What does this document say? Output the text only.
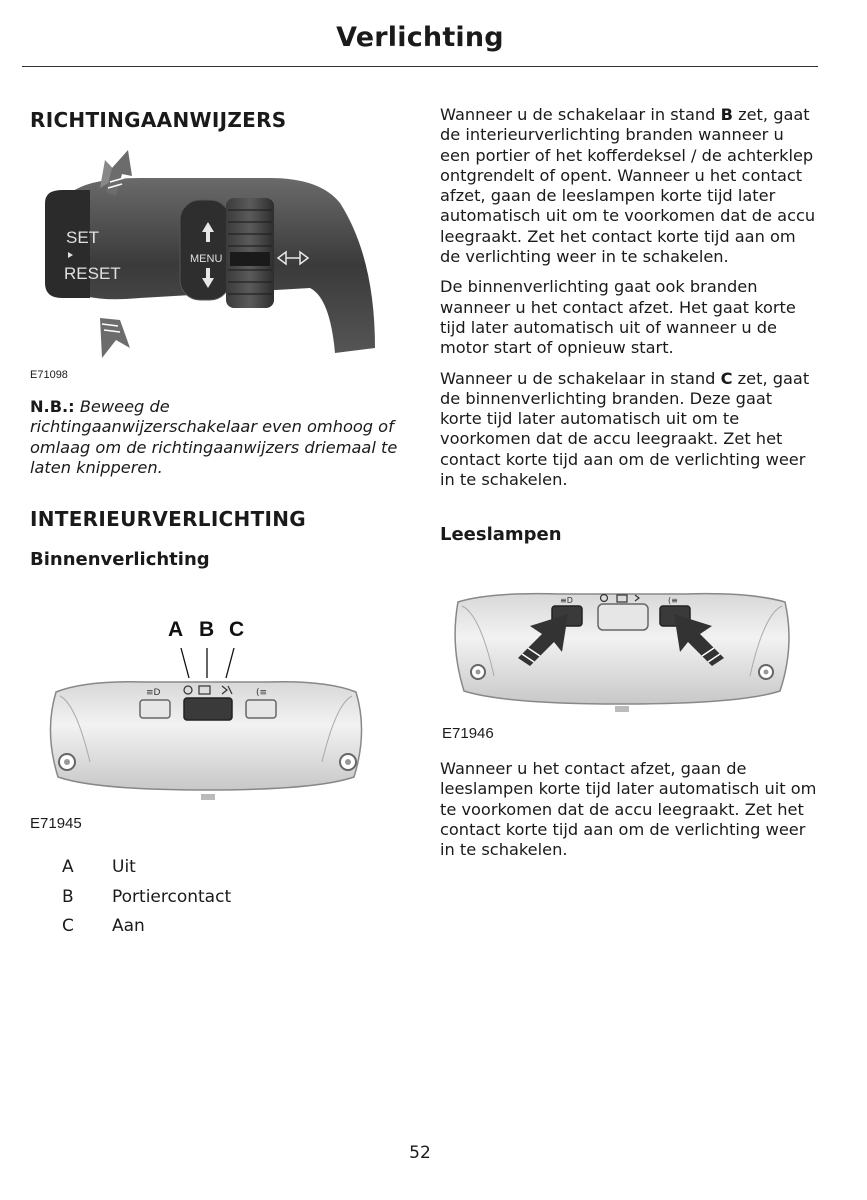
Verlichting
RICHTINGAANWIJZERS
SET
RESET
MENU
E71098
N.B.: Beweeg de richtingaanwijzerschakelaar even omhoog of omlaag om de richtingaanwijzers driemaal te laten knipperen.
INTERIEURVERLICHTING
Binnenverlichting
A B C
≡D	(≡
E71945
A Uit
B Portiercontact
C Aan

Wanneer u de schakelaar in stand B zet, gaat de interieurverlichting branden wanneer u een portier of het kofferdeksel / de achterklep ontgrendelt of opent. Wanneer u het contact afzet, gaan de leeslampen korte tijd later automatisch uit om te voorkomen dat de accu leegraakt. Zet het contact korte tijd aan om de verlichting weer in te schakelen.

De binnenverlichting gaat ook branden wanneer u het contact afzet. Het gaat korte tijd later automatisch uit of wanneer u de motor start of opnieuw start.

Wanneer u de schakelaar in stand C zet, gaat de binnenverlichting branden. Deze gaat korte tijd later automatisch uit om te voorkomen dat de accu leegraakt. Zet het contact korte tijd aan om de verlichting weer in te schakelen.

Leeslampen
≡D	(≡
E71946
Wanneer u het contact afzet, gaan de leeslampen korte tijd later automatisch uit om te voorkomen dat de accu leegraakt. Zet het contact korte tijd aan om de verlichting weer in te schakelen.
52
